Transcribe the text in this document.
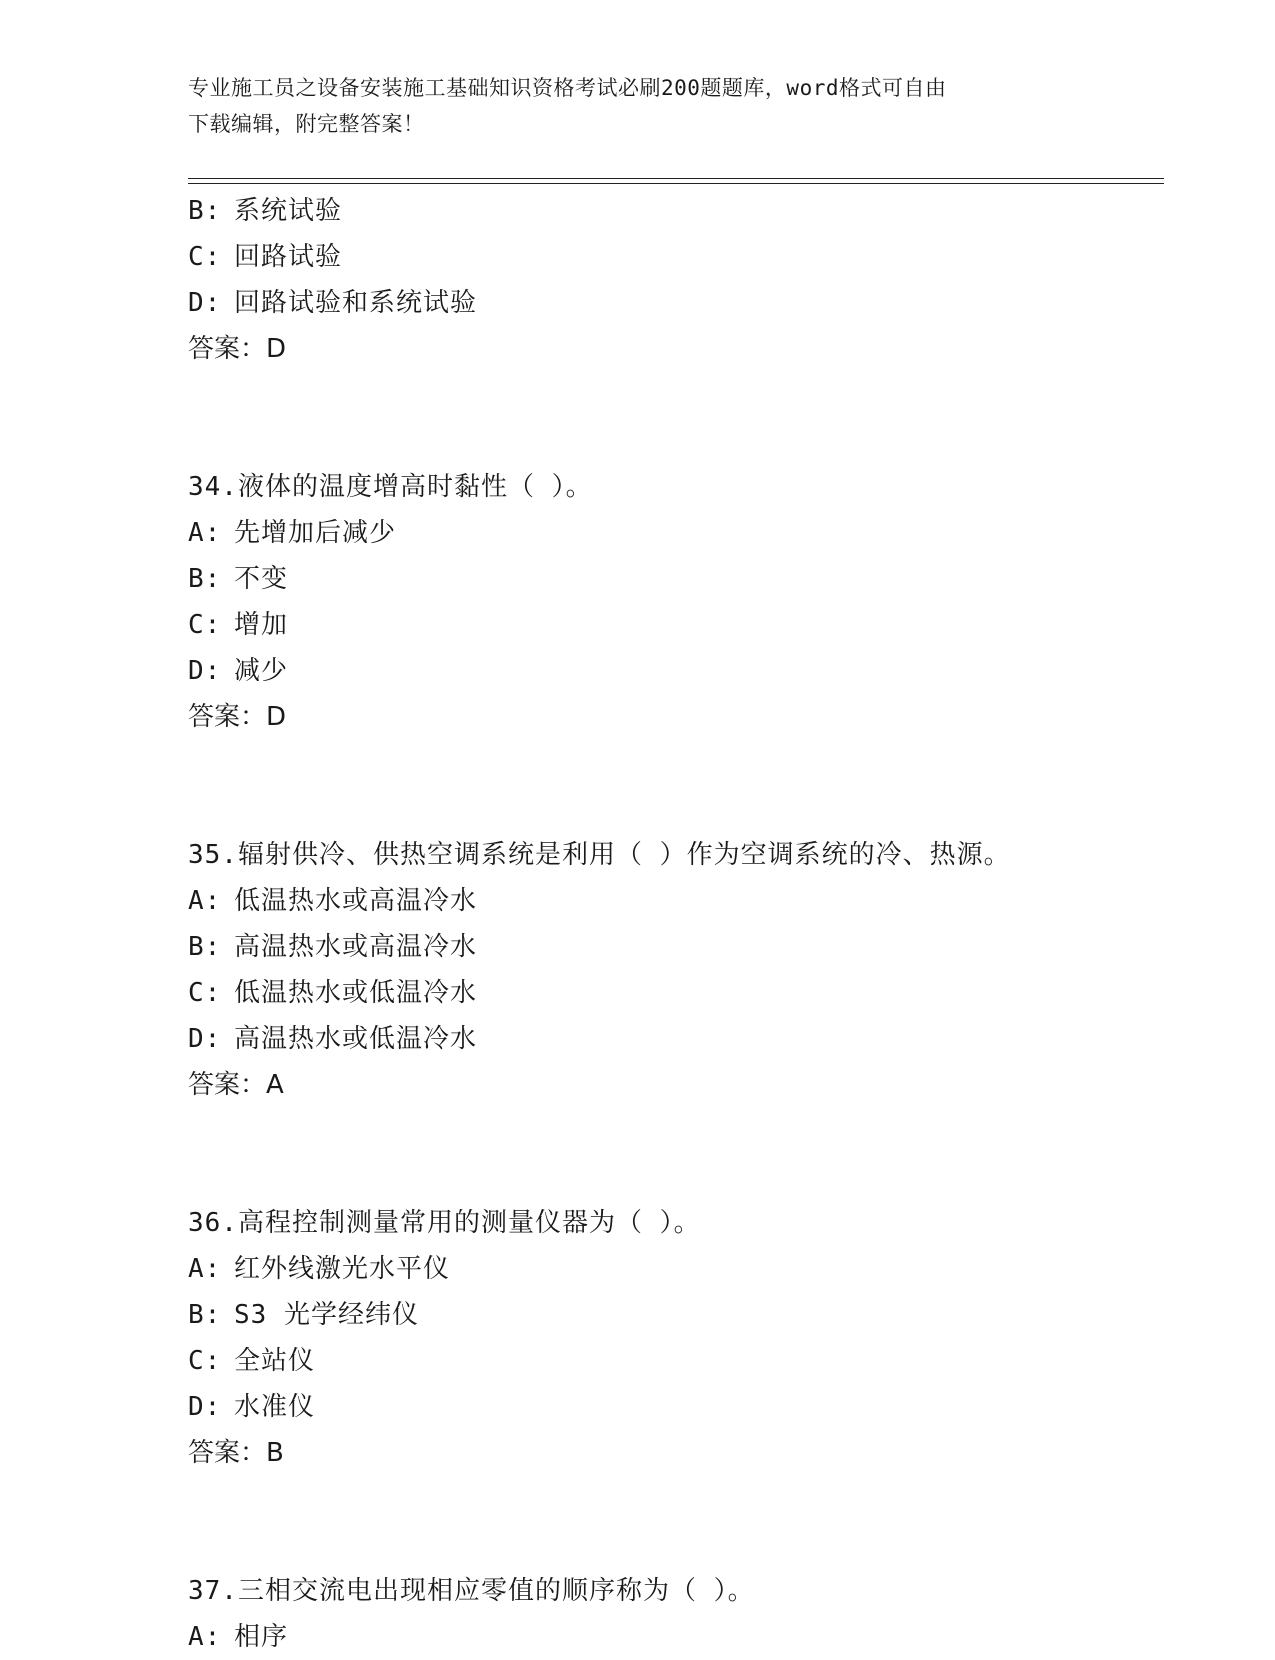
专业施工员之设备安装施工基础知识资格考试必刷200题题库，word格式可自由
下载编辑，附完整答案！
B: 系统试验
C: 回路试验
D: 回路试验和系统试验
答案：D
34.液体的温度增高时黏性（ ）。
A: 先增加后减少
B: 不变
C: 增加
D: 减少
答案：D
35.辐射供冷、供热空调系统是利用（ ）作为空调系统的冷、热源。
A: 低温热水或高温冷水
B: 高温热水或高温冷水
C: 低温热水或低温冷水
D: 高温热水或低温冷水
答案：A
36.高程控制测量常用的测量仪器为（ ）。
A: 红外线激光水平仪
B: S3 光学经纬仪
C: 全站仪
D: 水准仪
答案：B
37.三相交流电出现相应零值的顺序称为（ ）。
A: 相序
